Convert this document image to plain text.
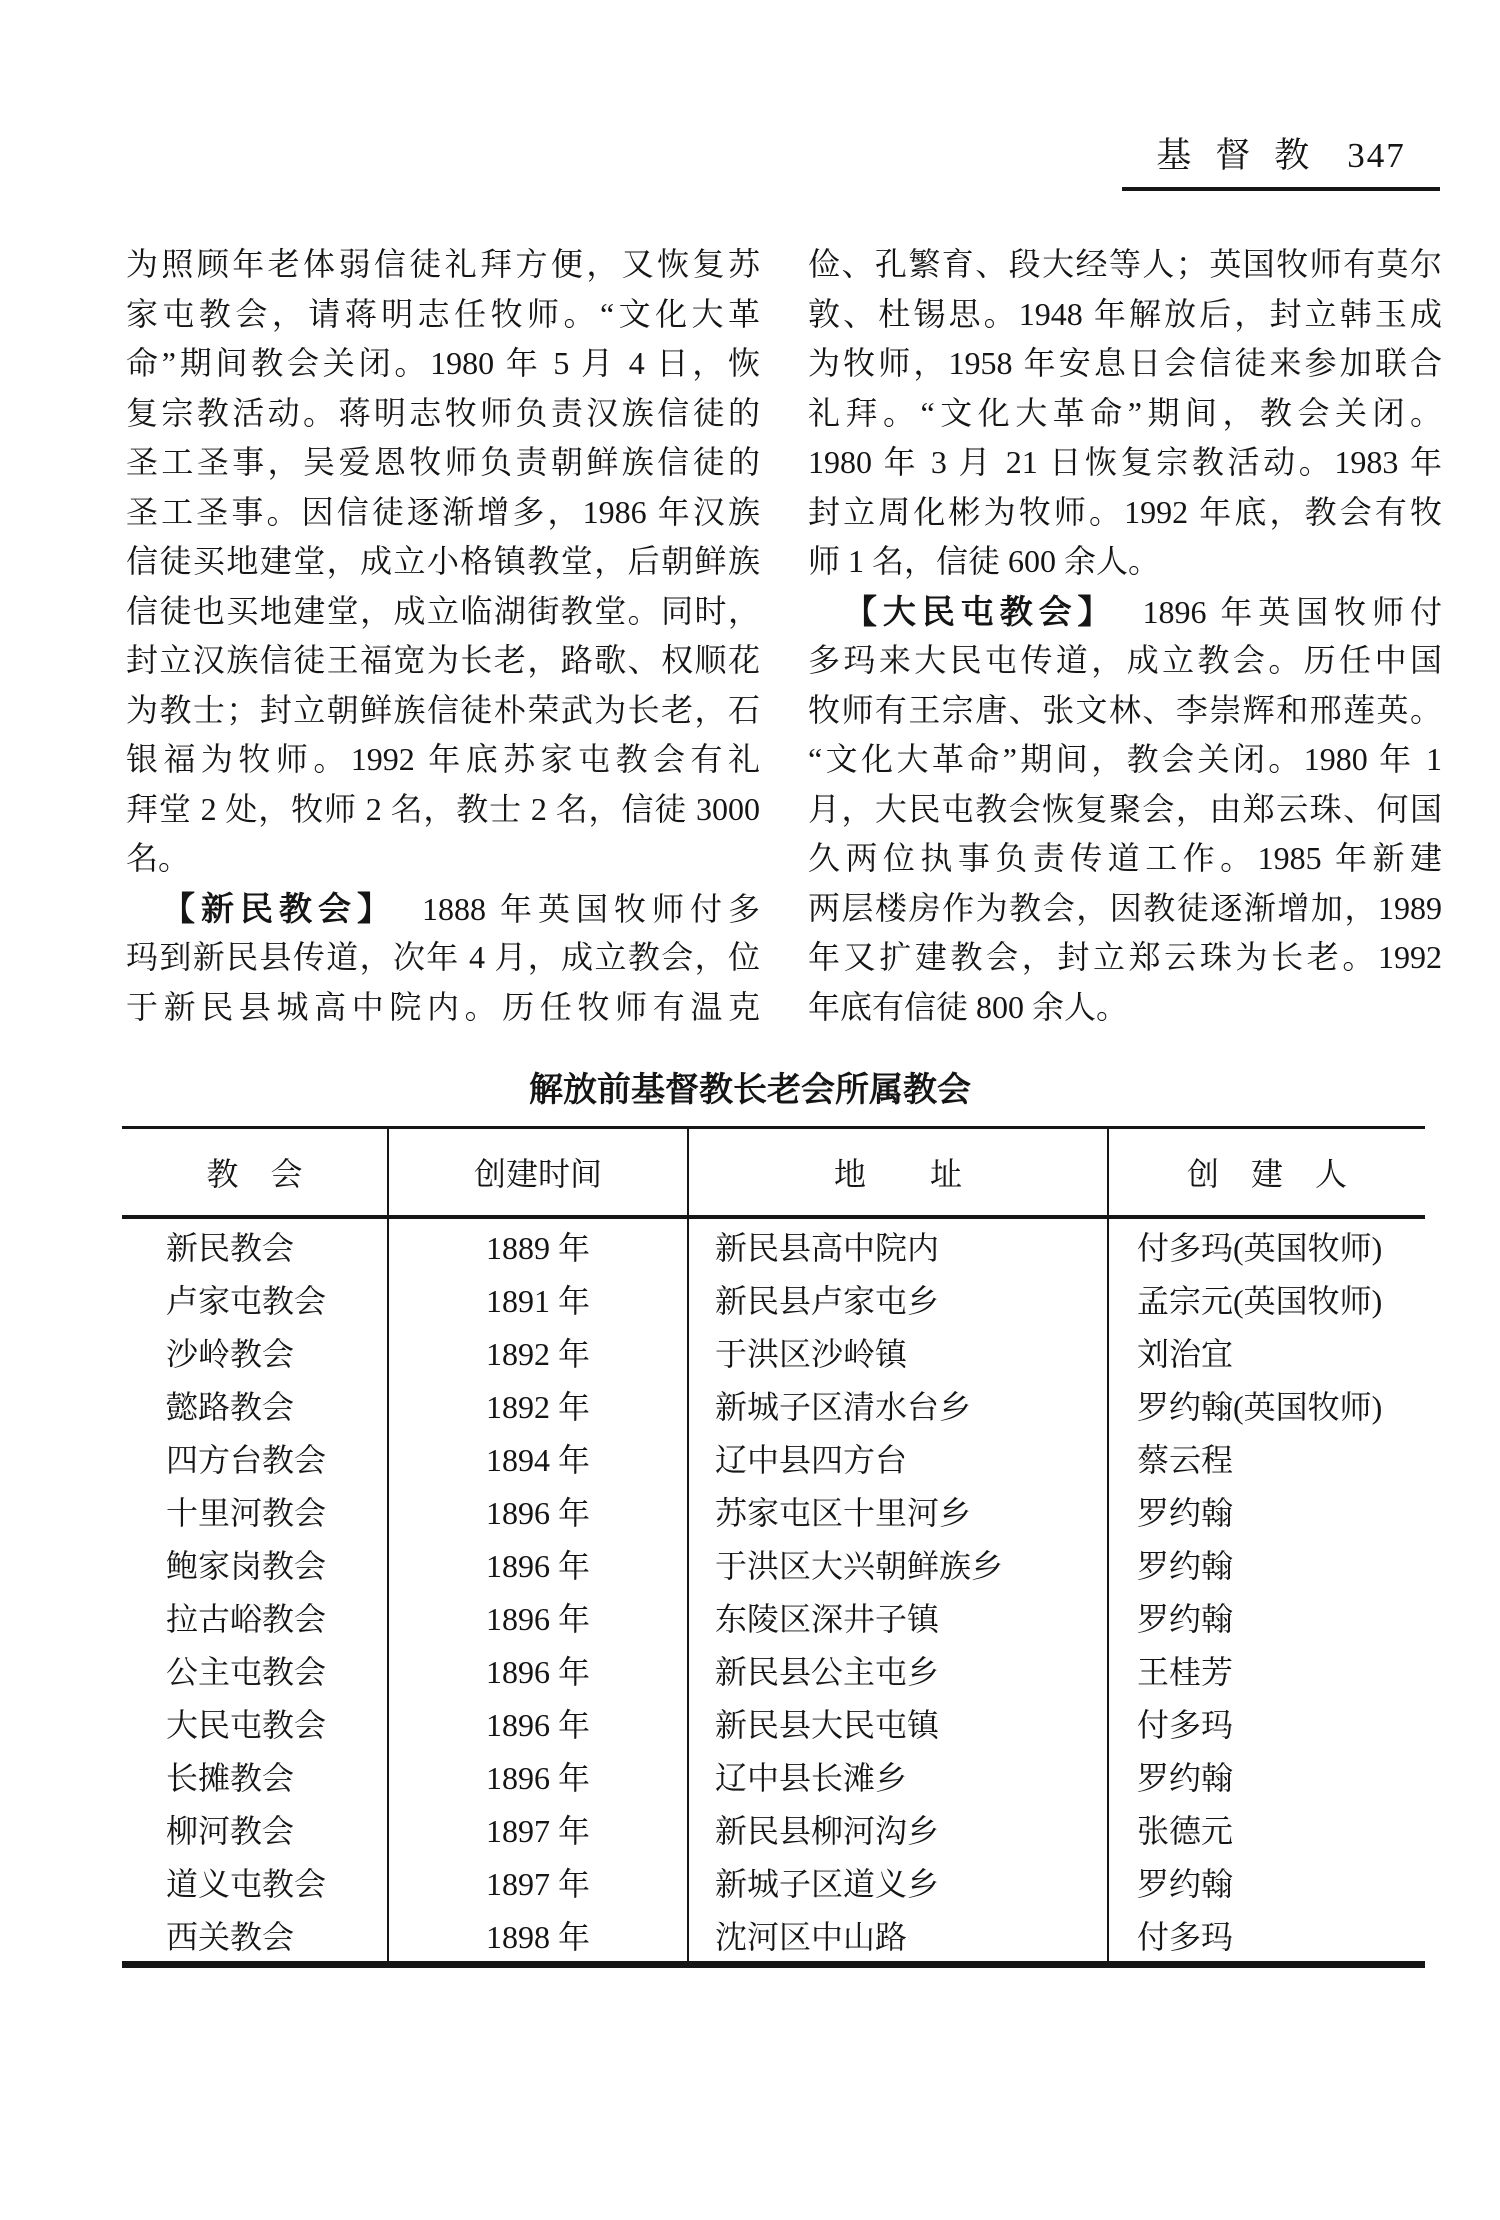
基督教 347
为照顾年老体弱信徒礼拜方便，又恢复苏
家屯教会，请蒋明志任牧师。“文化大革
命”期间教会关闭。1980 年 5 月 4 日，恢
复宗教活动。蒋明志牧师负责汉族信徒的
圣工圣事，吴爱恩牧师负责朝鲜族信徒的
圣工圣事。因信徒逐渐增多，1986 年汉族
信徒买地建堂，成立小格镇教堂，后朝鲜族
信徒也买地建堂，成立临湖街教堂。同时，
封立汉族信徒王福宽为长老，路歌、权顺花
为教士；封立朝鲜族信徒朴荣武为长老，石
银福为牧师。1992 年底苏家屯教会有礼
拜堂 2 处，牧师 2 名，教士 2 名，信徒 3000
名。
【新民教会】 1888 年英国牧师付多
玛到新民县传道，次年 4 月，成立教会，位
于新民县城高中院内。历任牧师有温克
俭、孔繁育、段大经等人；英国牧师有莫尔
敦、杜锡思。1948 年解放后，封立韩玉成
为牧师，1958 年安息日会信徒来参加联合
礼拜。“文化大革命”期间，教会关闭。
1980 年 3 月 21 日恢复宗教活动。1983 年
封立周化彬为牧师。1992 年底，教会有牧
师 1 名，信徒 600 余人。
【大民屯教会】 1896 年英国牧师付
多玛来大民屯传道，成立教会。历任中国
牧师有王宗唐、张文林、李崇辉和邢莲英。
“文化大革命”期间，教会关闭。1980 年 1
月，大民屯教会恢复聚会，由郑云珠、何国
久两位执事负责传道工作。1985 年新建
两层楼房作为教会，因教徒逐渐增加，1989
年又扩建教会，封立郑云珠为长老。1992
年底有信徒 800 余人。
解放前基督教长老会所属教会
教　会	创建时间	地　　址	创　建　人
新民教会	1889 年	新民县高中院内	付多玛(英国牧师)
卢家屯教会	1891 年	新民县卢家屯乡	孟宗元(英国牧师)
沙岭教会	1892 年	于洪区沙岭镇	刘治宜
懿路教会	1892 年	新城子区清水台乡	罗约翰(英国牧师)
四方台教会	1894 年	辽中县四方台	蔡云程
十里河教会	1896 年	苏家屯区十里河乡	罗约翰
鲍家岗教会	1896 年	于洪区大兴朝鲜族乡	罗约翰
拉古峪教会	1896 年	东陵区深井子镇	罗约翰
公主屯教会	1896 年	新民县公主屯乡	王桂芳
大民屯教会	1896 年	新民县大民屯镇	付多玛
长摊教会	1896 年	辽中县长滩乡	罗约翰
柳河教会	1897 年	新民县柳河沟乡	张德元
道义屯教会	1897 年	新城子区道义乡	罗约翰
西关教会	1898 年	沈河区中山路	付多玛
